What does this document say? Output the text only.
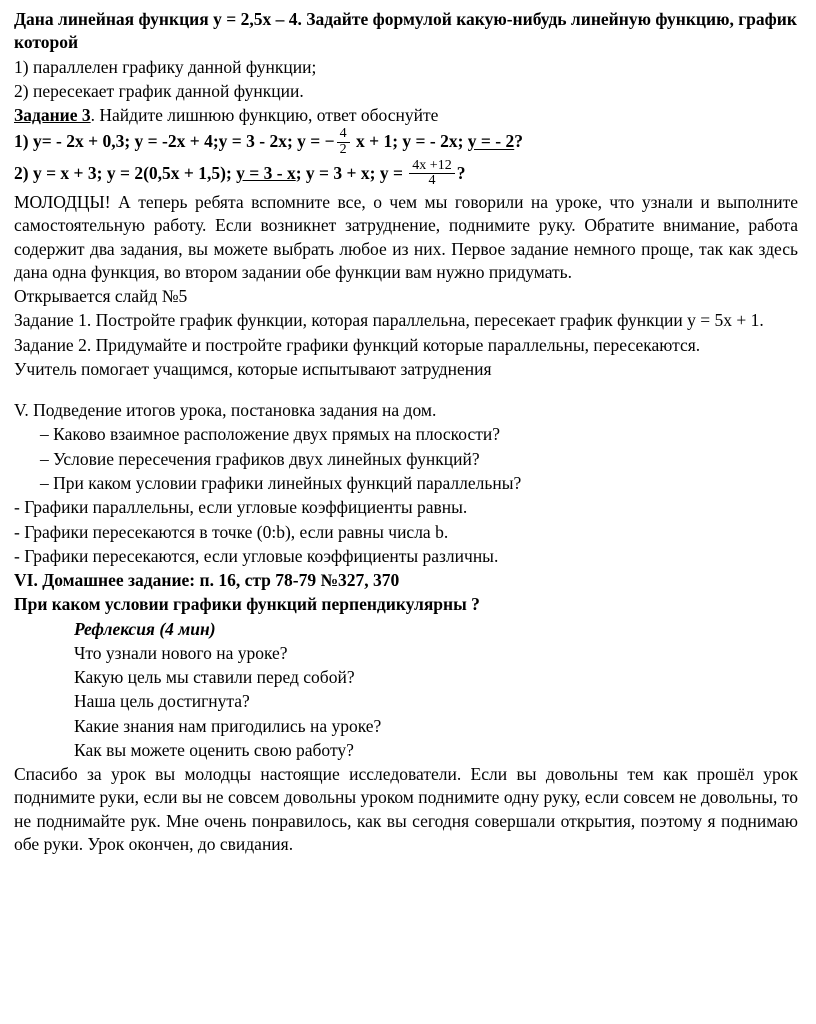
Дана линейная функция у = 2,5х – 4. Задайте формулой какую-нибудь линейную функцию, график которой

1) параллелен графику данной функции;

2) пересекает график данной функции.

Задание 3. Найдите лишнюю функцию, ответ обоснуйте

1) у= - 2х + 0,3; у = -2х + 4;у = 3 - 2х; у = − $\frac{4}{2}$ х + 1; у = - 2х; у = - 2?

2) у = х + 3; у = 2(0,5х + 1,5); у = 3 - х; у = 3 + х; $у = \frac{4х +12}{4}$ ?

МОЛОДЦЫ! А теперь ребята вспомните все, о чем мы говорили на уроке, что узнали и выполните самостоятельную работу. Если возникнет затруднение, поднимите руку. Обратите внимание, работа содержит два задания, вы можете выбрать любое из них. Первое задание немного проще, так как здесь дана одна функция, во втором задании обе функции вам нужно придумать.

Открывается слайд №5

Задание 1. Постройте график функции, которая параллельна, пересекает график функции у = 5х + 1.

Задание 2. Придумайте и постройте графики функций которые параллельны, пересекаются.

Учитель помогает учащимся, которые испытывают затруднения

V. Подведение итогов урока, постановка задания на дом.

– Каково взаимное расположение двух прямых на плоскости?

– Условие пересечения графиков двух линейных функций?

– При каком условии графики линейных функций параллельны?

- Графики параллельны, если угловые коэффициенты равны.

- Графики пересекаются в точке (0:b), если равны числа b.

- Графики пересекаются, если угловые коэффициенты различны.

VI. Домашнее задание: п. 16, стр 78-79 №327, 370

При каком условии графики функций перпендикулярны ?

Рефлексия (4 мин)

Что узнали нового на уроке?

Какую цель мы ставили перед собой?

Наша цель достигнута?

Какие знания нам пригодились на уроке?

Как вы можете оценить свою работу?

Спасибо за урок вы молодцы настоящие исследователи. Если вы довольны тем как прошёл урок поднимите руки, если вы не совсем довольны уроком поднимите одну руку, если совсем не довольны, то не поднимайте рук. Мне очень понравилось, как вы сегодня совершали открытия, поэтому я поднимаю обе руки. Урок окончен, до свидания.
